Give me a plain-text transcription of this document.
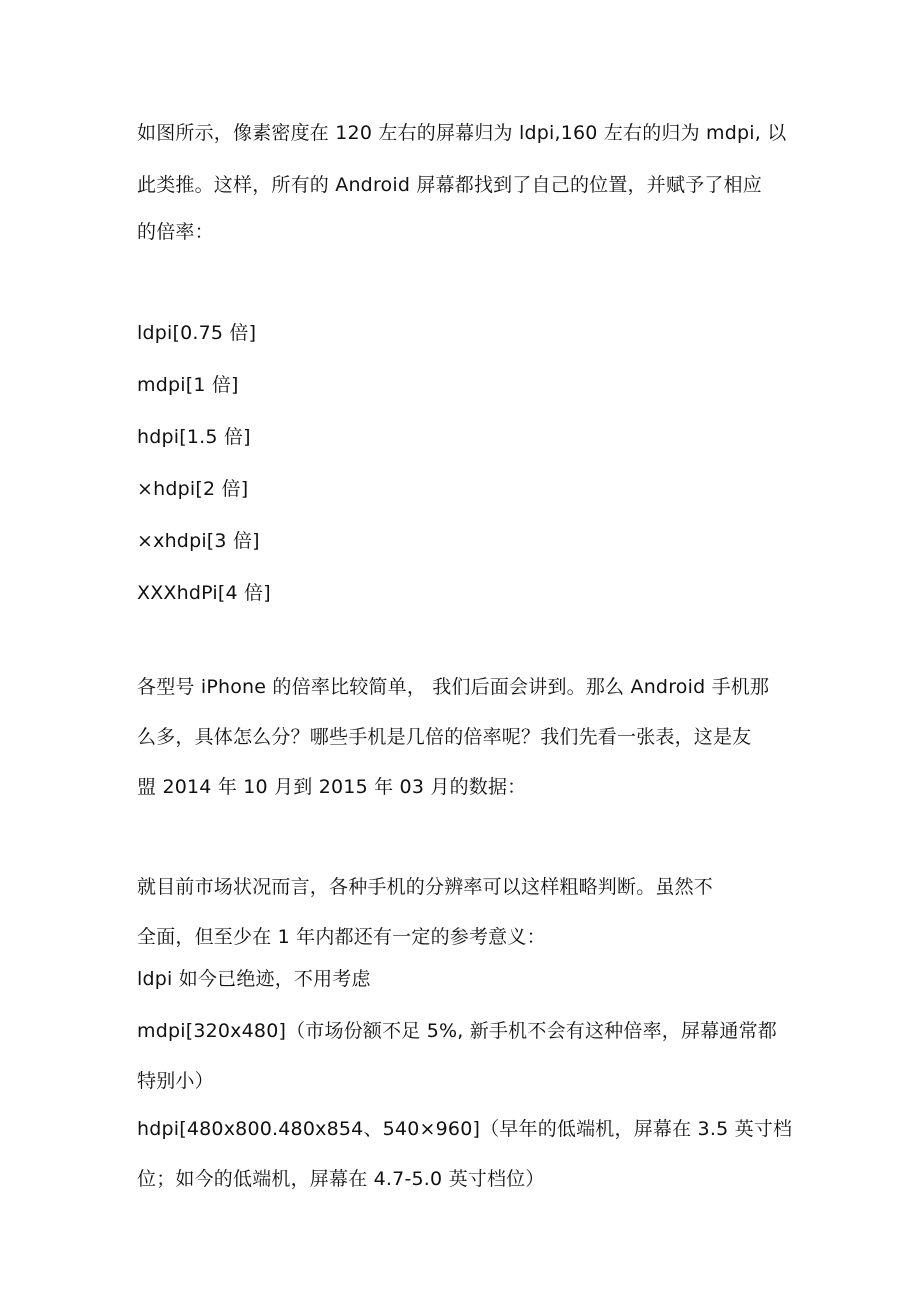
如图所示，像素密度在 120 左右的屏幕归为 ldpi,160 左右的归为 mdpi, 以
此类推。这样，所有的 Android 屏幕都找到了自己的位置，并赋予了相应
的倍率：
ldpi[0.75 倍]
mdpi[1 倍]
hdpi[1.5 倍]
×hdpi[2 倍]
×xhdpi[3 倍]
XXXhdPi[4 倍]
各型号 iPhone 的倍率比较简单， 我们后面会讲到。那么 Android 手机那
么多，具体怎么分？哪些手机是几倍的倍率呢？我们先看一张表，这是友
盟 2014 年 10 月到 2015 年 03 月的数据：
就目前市场状况而言，各种手机的分辨率可以这样粗略判断。虽然不
全面，但至少在 1 年内都还有一定的参考意义：
ldpi 如今已绝迹，不用考虑
mdpi[320x480]（市场份额不足 5%, 新手机不会有这种倍率，屏幕通常都
特别小）
hdpi[480x800.480x854、540×960]（早年的低端机，屏幕在 3.5 英寸档
位；如今的低端机，屏幕在 4.7-5.0 英寸档位）
